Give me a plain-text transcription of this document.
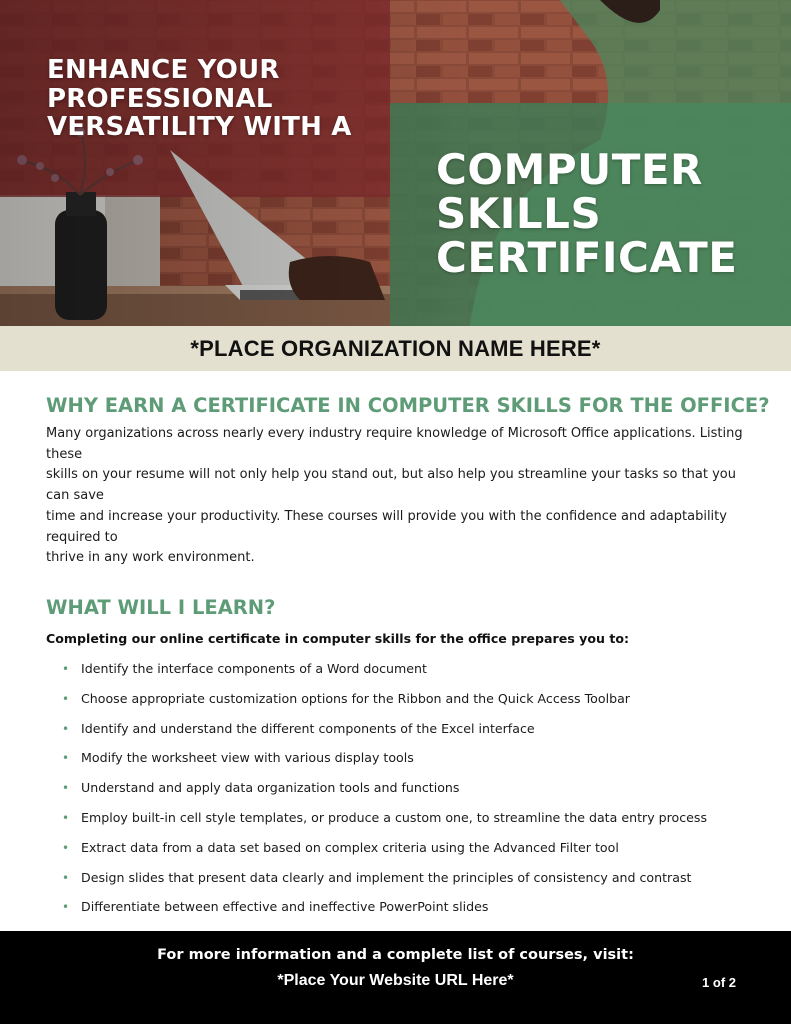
ENHANCE YOUR
PROFESSIONAL
VERSATILITY WITH A
COMPUTER
SKILLS
CERTIFICATE
*PLACE ORGANIZATION NAME HERE*
WHY EARN A CERTIFICATE IN COMPUTER SKILLS FOR THE OFFICE?

Many organizations across nearly every industry require knowledge of Microsoft Office applications. Listing these
skills on your resume will not only help you stand out, but also help you streamline your tasks so that you can save
time and increase your productivity. These courses will provide you with the confidence and adaptability required to
thrive in any work environment.

WHAT WILL I LEARN?

Completing our online certificate in computer skills for the office prepares you to:

• Identify the interface components of a Word document
• Choose appropriate customization options for the Ribbon and the Quick Access Toolbar
• Identify and understand the different components of the Excel interface
• Modify the worksheet view with various display tools
• Understand and apply data organization tools and functions
• Employ built-in cell style templates, or produce a custom one, to streamline the data entry process
• Extract data from a data set based on complex criteria using the Advanced Filter tool
• Design slides that present data clearly and implement the principles of consistency and contrast
• Differentiate between effective and ineffective PowerPoint slides
For more information and a complete list of courses, visit:
*Place Your Website URL Here*	1 of 2
